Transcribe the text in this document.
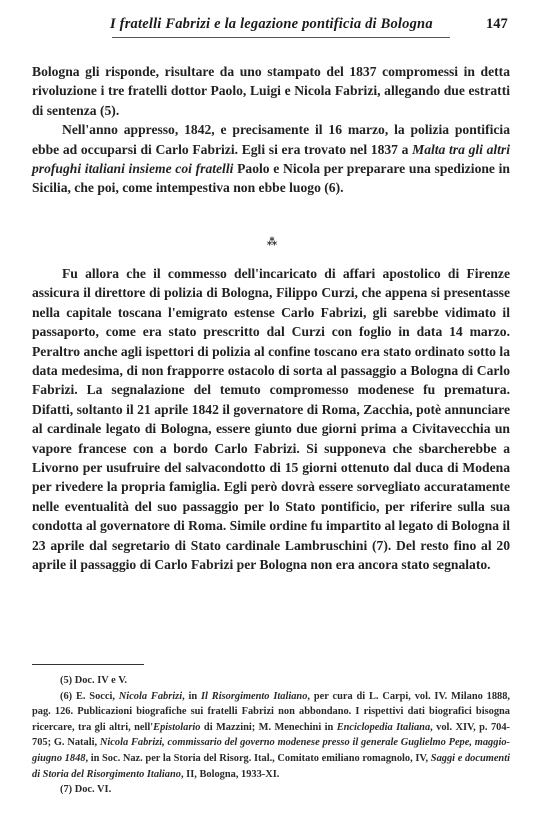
I fratelli Fabrizi e la legazione pontificia di Bologna	147

Bologna gli risponde, risultare da uno stampato del 1837 compromessi in detta rivoluzione i tre fratelli dottor Paolo, Luigi e Nicola Fabrizi, allegando due estratti di sentenza (5).

Nell'anno appresso, 1842, e precisamente il 16 marzo, la polizia pontificia ebbe ad occuparsi di Carlo Fabrizi. Egli si era trovato nel 1837 a Malta tra gli altri profughi italiani insieme coi fratelli Paolo e Nicola per preparare una spedizione in Sicilia, che poi, come intempestiva non ebbe luogo (6).

⁂

Fu allora che il commesso dell'incaricato di affari apostolico di Firenze assicura il direttore di polizia di Bologna, Filippo Curzi, che appena si presentasse nella capitale toscana l'emigrato estense Carlo Fabrizi, gli sarebbe vidimato il passaporto, come era stato prescritto dal Curzi con foglio in data 14 marzo. Peraltro anche agli ispettori di polizia al confine toscano era stato ordinato sotto la data medesima, di non frapporre ostacolo di sorta al passaggio a Bologna di Carlo Fabrizi. La segnalazione del temuto compromesso modenese fu prematura. Difatti, soltanto il 21 aprile 1842 il governatore di Roma, Zacchia, potè annunciare al cardinale legato di Bologna, essere giunto due giorni prima a Civitavecchia un vapore francese con a bordo Carlo Fabrizi. Si supponeva che sbarcherebbe a Livorno per usufruire del salvacondotto di 15 giorni ottenuto dal duca di Modena per rivedere la propria famiglia. Egli però dovrà essere sorvegliato accuratamente nelle eventualità del suo passaggio per lo Stato pontificio, per riferire sulla sua condotta al governatore di Roma. Simile ordine fu impartito al legato di Bologna il 23 aprile dal segretario di Stato cardinale Lambruschini (7). Del resto fino al 20 aprile il passaggio di Carlo Fabrizi per Bologna non era ancora stato segnalato.

(5) Doc. IV e V.

(6) E. Socci, Nicola Fabrizi, in Il Risorgimento Italiano, per cura di L. Carpi, vol. IV. Milano 1888, pag. 126. Publicazioni biografiche sui fratelli Fabrizi non abbondano. I rispettivi dati biografici bisogna ricercare, tra gli altri, nell'Epistolario di Mazzini; M. Menechini in Enciclopedia Italiana, vol. XIV, p. 704-705; G. Natali, Nicola Fabrizi, commissario del governo modenese presso il generale Guglielmo Pepe, maggio-giugno 1848, in Soc. Naz. per la Storia del Risorg. Ital., Comitato emiliano romagnolo, IV, Saggi e documenti di Storia del Risorgimento Italiano, II, Bologna, 1933-XI.

(7) Doc. VI.
